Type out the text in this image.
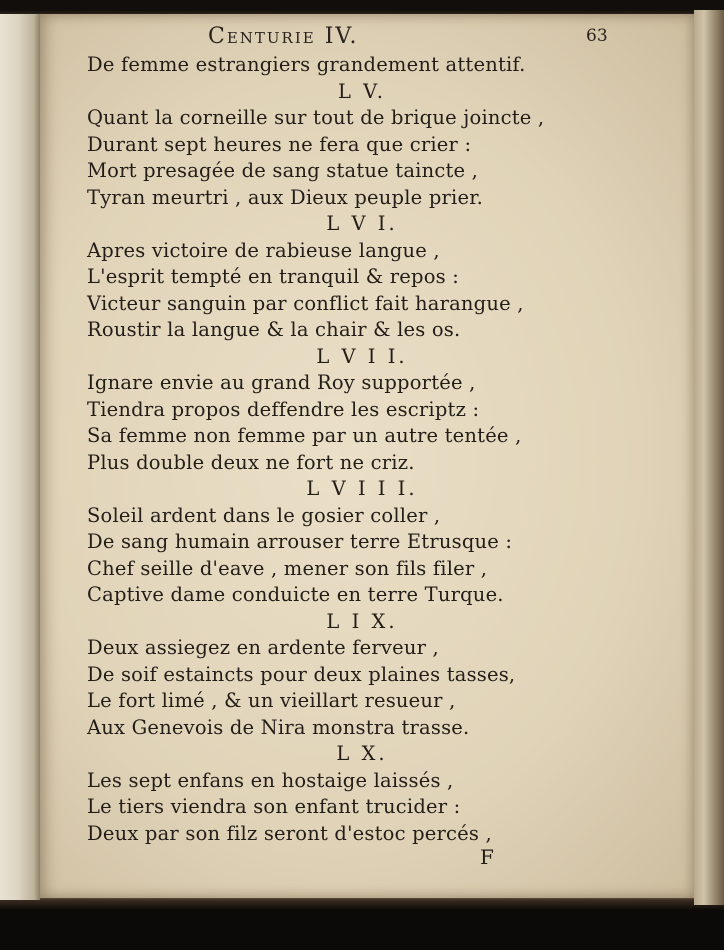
Centurie IV.	63
De femme estrangiers grandement attentif.
L V.
Quant la corneille sur tout de brique joincte ,
Durant sept heures ne fera que crier :
Mort presagée de sang statue taincte ,
Tyran meurtri , aux Dieux peuple prier.
L V I.
Apres victoire de rabieuse langue ,
L'esprit tempté en tranquil & repos :
Victeur sanguin par conflict fait harangue ,
Roustir la langue & la chair & les os.
L V I I.
Ignare envie au grand Roy supportée ,
Tiendra propos deffendre les escriptz :
Sa femme non femme par un autre tentée ,
Plus double deux ne fort ne criz.
L V I I I.
Soleil ardent dans le gosier coller ,
De sang humain arrouser terre Etrusque :
Chef seille d'eave , mener son fils filer ,
Captive dame conduicte en terre Turque.
L I X.
Deux assiegez en ardente ferveur ,
De soif estaincts pour deux plaines tasses,
Le fort limé , & un vieillart resueur ,
Aux Genevois de Nira monstra trasse.
L X.
Les sept enfans en hostaige laissés ,
Le tiers viendra son enfant trucider :
Deux par son filz seront d'estoc percés ,
F
